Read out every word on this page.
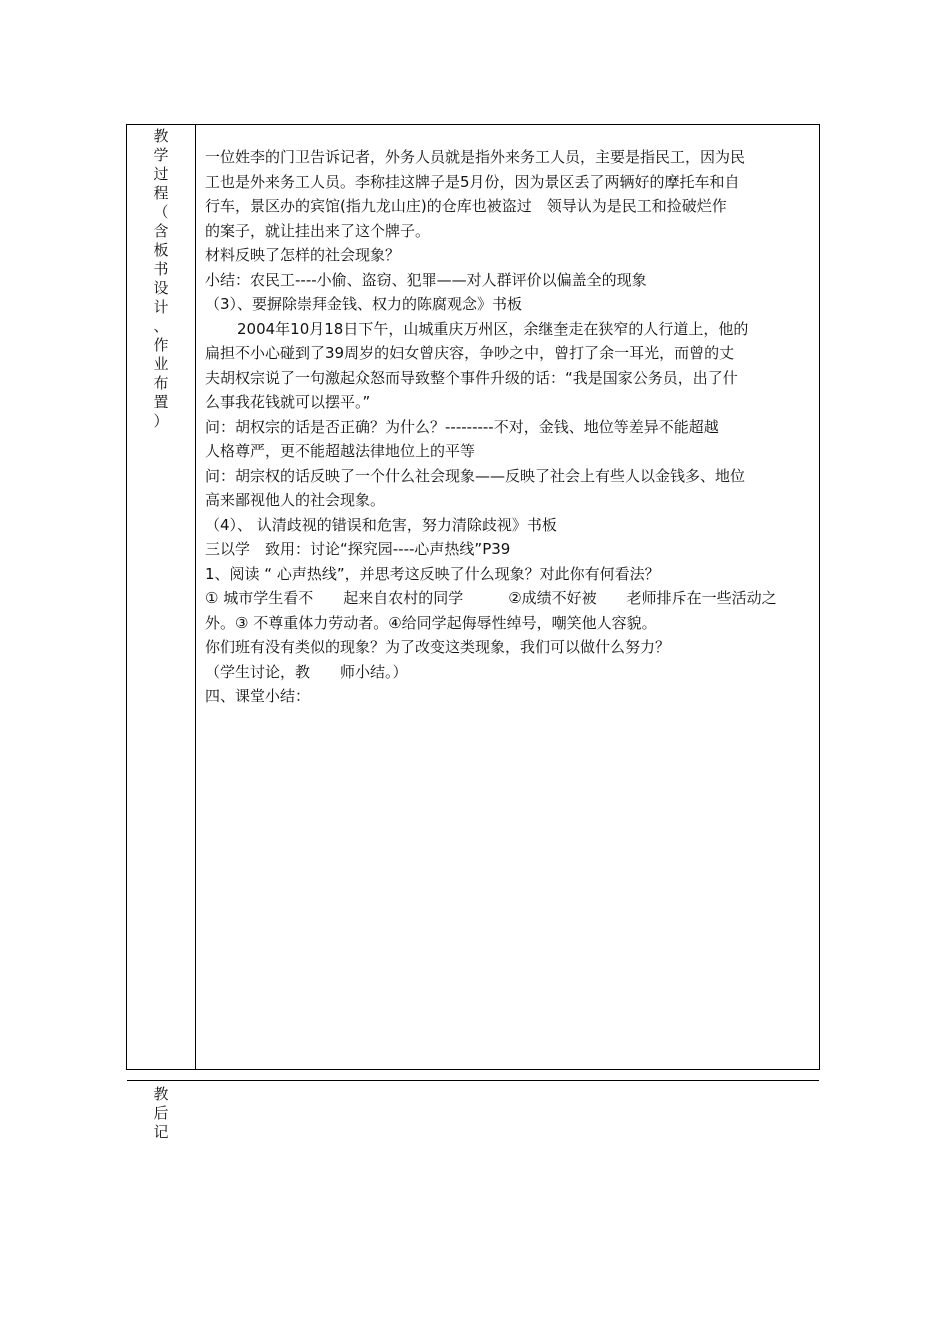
教
学
过
程
（
含
板
书
设
计
、
作
业
布
置
）
教
后
记

一位姓李的门卫告诉记者，外务人员就是指外来务工人员，主要是指民工，因为民

工也是外来务工人员。李称挂这牌子是5月份，因为景区丢了两辆好的摩托车和自

行车，景区办的宾馆(指九龙山庄)的仓库也被盗过　领导认为是民工和捡破烂作

的案子，就让挂出来了这个牌子。

材料反映了怎样的社会现象？

小结：农民工----小偷、盗窃、犯罪——对人群评价以偏盖全的现象

（3）、要摒除崇拜金钱、权力的陈腐观念》书板

2004年10月18日下午，山城重庆万州区，余继奎走在狭窄的人行道上，他的

扁担不小心碰到了39周岁的妇女曾庆容，争吵之中，曾打了余一耳光，而曾的丈

夫胡权宗说了一句激起众怒而导致整个事件升级的话：“我是国家公务员，出了什

么事我花钱就可以摆平。”

问：胡权宗的话是否正确？为什么？---------不对，金钱、地位等差异不能超越

人格尊严，更不能超越法律地位上的平等

问：胡宗权的话反映了一个什么社会现象——反映了社会上有些人以金钱多、地位

高来鄙视他人的社会现象。

（4）、 认清歧视的错误和危害，努力清除歧视》书板

三以学　致用：讨论“探究园----心声热线”P39

1、阅读 “ 心声热线”，并思考这反映了什么现象？对此你有何看法？

① 城市学生看不　　起来自农村的同学　　　②成绩不好被　　老师排斥在一些活动之

外。③ 不尊重体力劳动者。④给同学起侮辱性绰号，嘲笑他人容貌。

你们班有没有类似的现象？为了改变这类现象，我们可以做什么努力？

（学生讨论，教　　师小结。）

四、课堂小结：
